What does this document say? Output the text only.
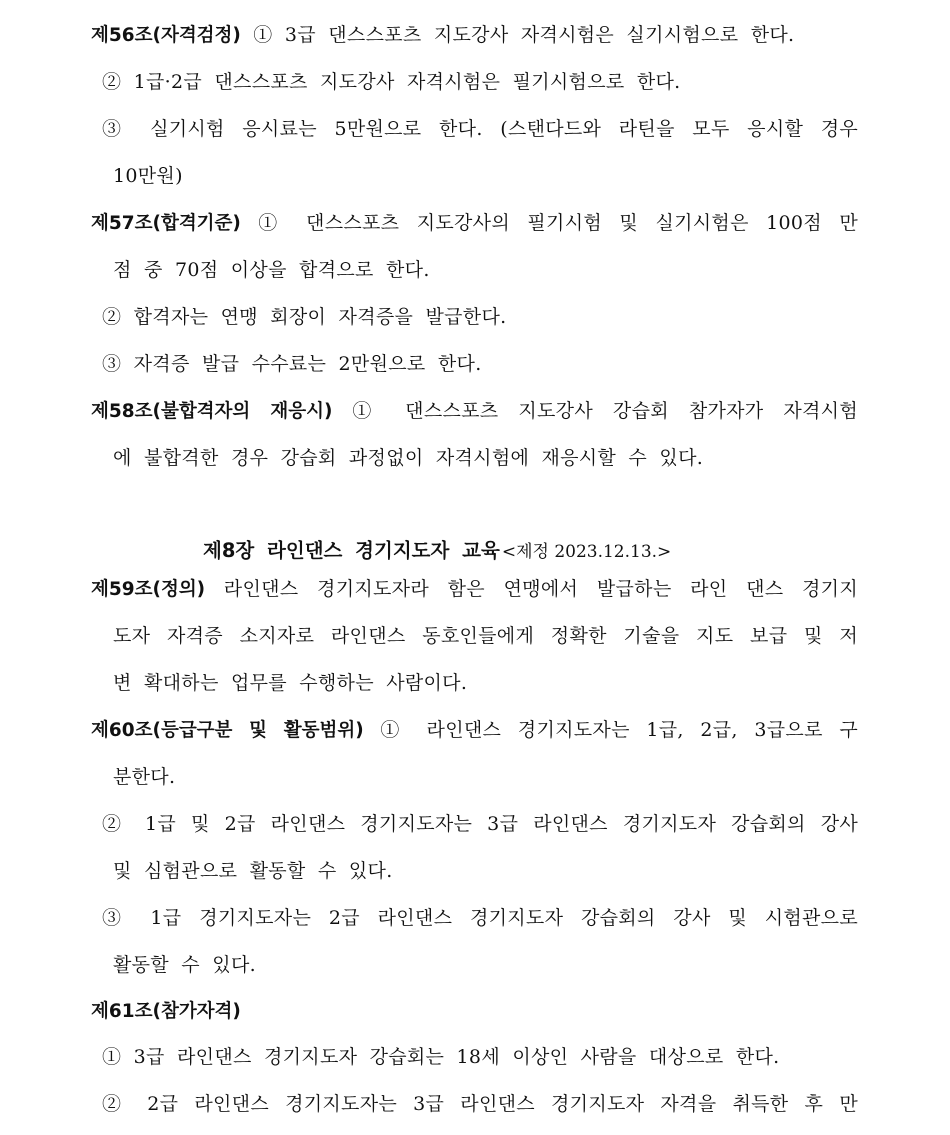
제56조(자격검정) ① 3급 댄스스포츠 지도강사 자격시험은 실기시험으로 한다.
② 1급·2급 댄스스포츠 지도강사 자격시험은 필기시험으로 한다.
③ 실기시험 응시료는 5만원으로 한다. (스탠다드와 라틴을 모두 응시할 경우
10만원)
제57조(합격기준) ① 댄스스포츠 지도강사의 필기시험 및 실기시험은 100점 만
점 중 70점 이상을 합격으로 한다.
② 합격자는 연맹 회장이 자격증을 발급한다.
③ 자격증 발급 수수료는 2만원으로 한다.
제58조(불합격자의 재응시) ① 댄스스포츠 지도강사 강습회 참가자가 자격시험
에 불합격한 경우 강습회 과정없이 자격시험에 재응시할 수 있다.
제8장 라인댄스 경기지도자 교육 <제정 2023.12.13.>
제59조(정의) 라인댄스 경기지도자라 함은 연맹에서 발급하는 라인 댄스 경기지
도자 자격증 소지자로 라인댄스 동호인들에게 정확한 기술을 지도 보급 및 저
변 확대하는 업무를 수행하는 사람이다.
제60조(등급구분 및 활동범위) ① 라인댄스 경기지도자는 1급, 2급, 3급으로 구
분한다.
② 1급 및 2급 라인댄스 경기지도자는 3급 라인댄스 경기지도자 강습회의 강사
및 심험관으로 활동할 수 있다.
③ 1급 경기지도자는 2급 라인댄스 경기지도자 강습회의 강사 및 시험관으로
활동할 수 있다.
제61조(참가자격)
① 3급 라인댄스 경기지도자 강습회는 18세 이상인 사람을 대상으로 한다.
② 2급 라인댄스 경기지도자는 3급 라인댄스 경기지도자 자격을 취득한 후 만
